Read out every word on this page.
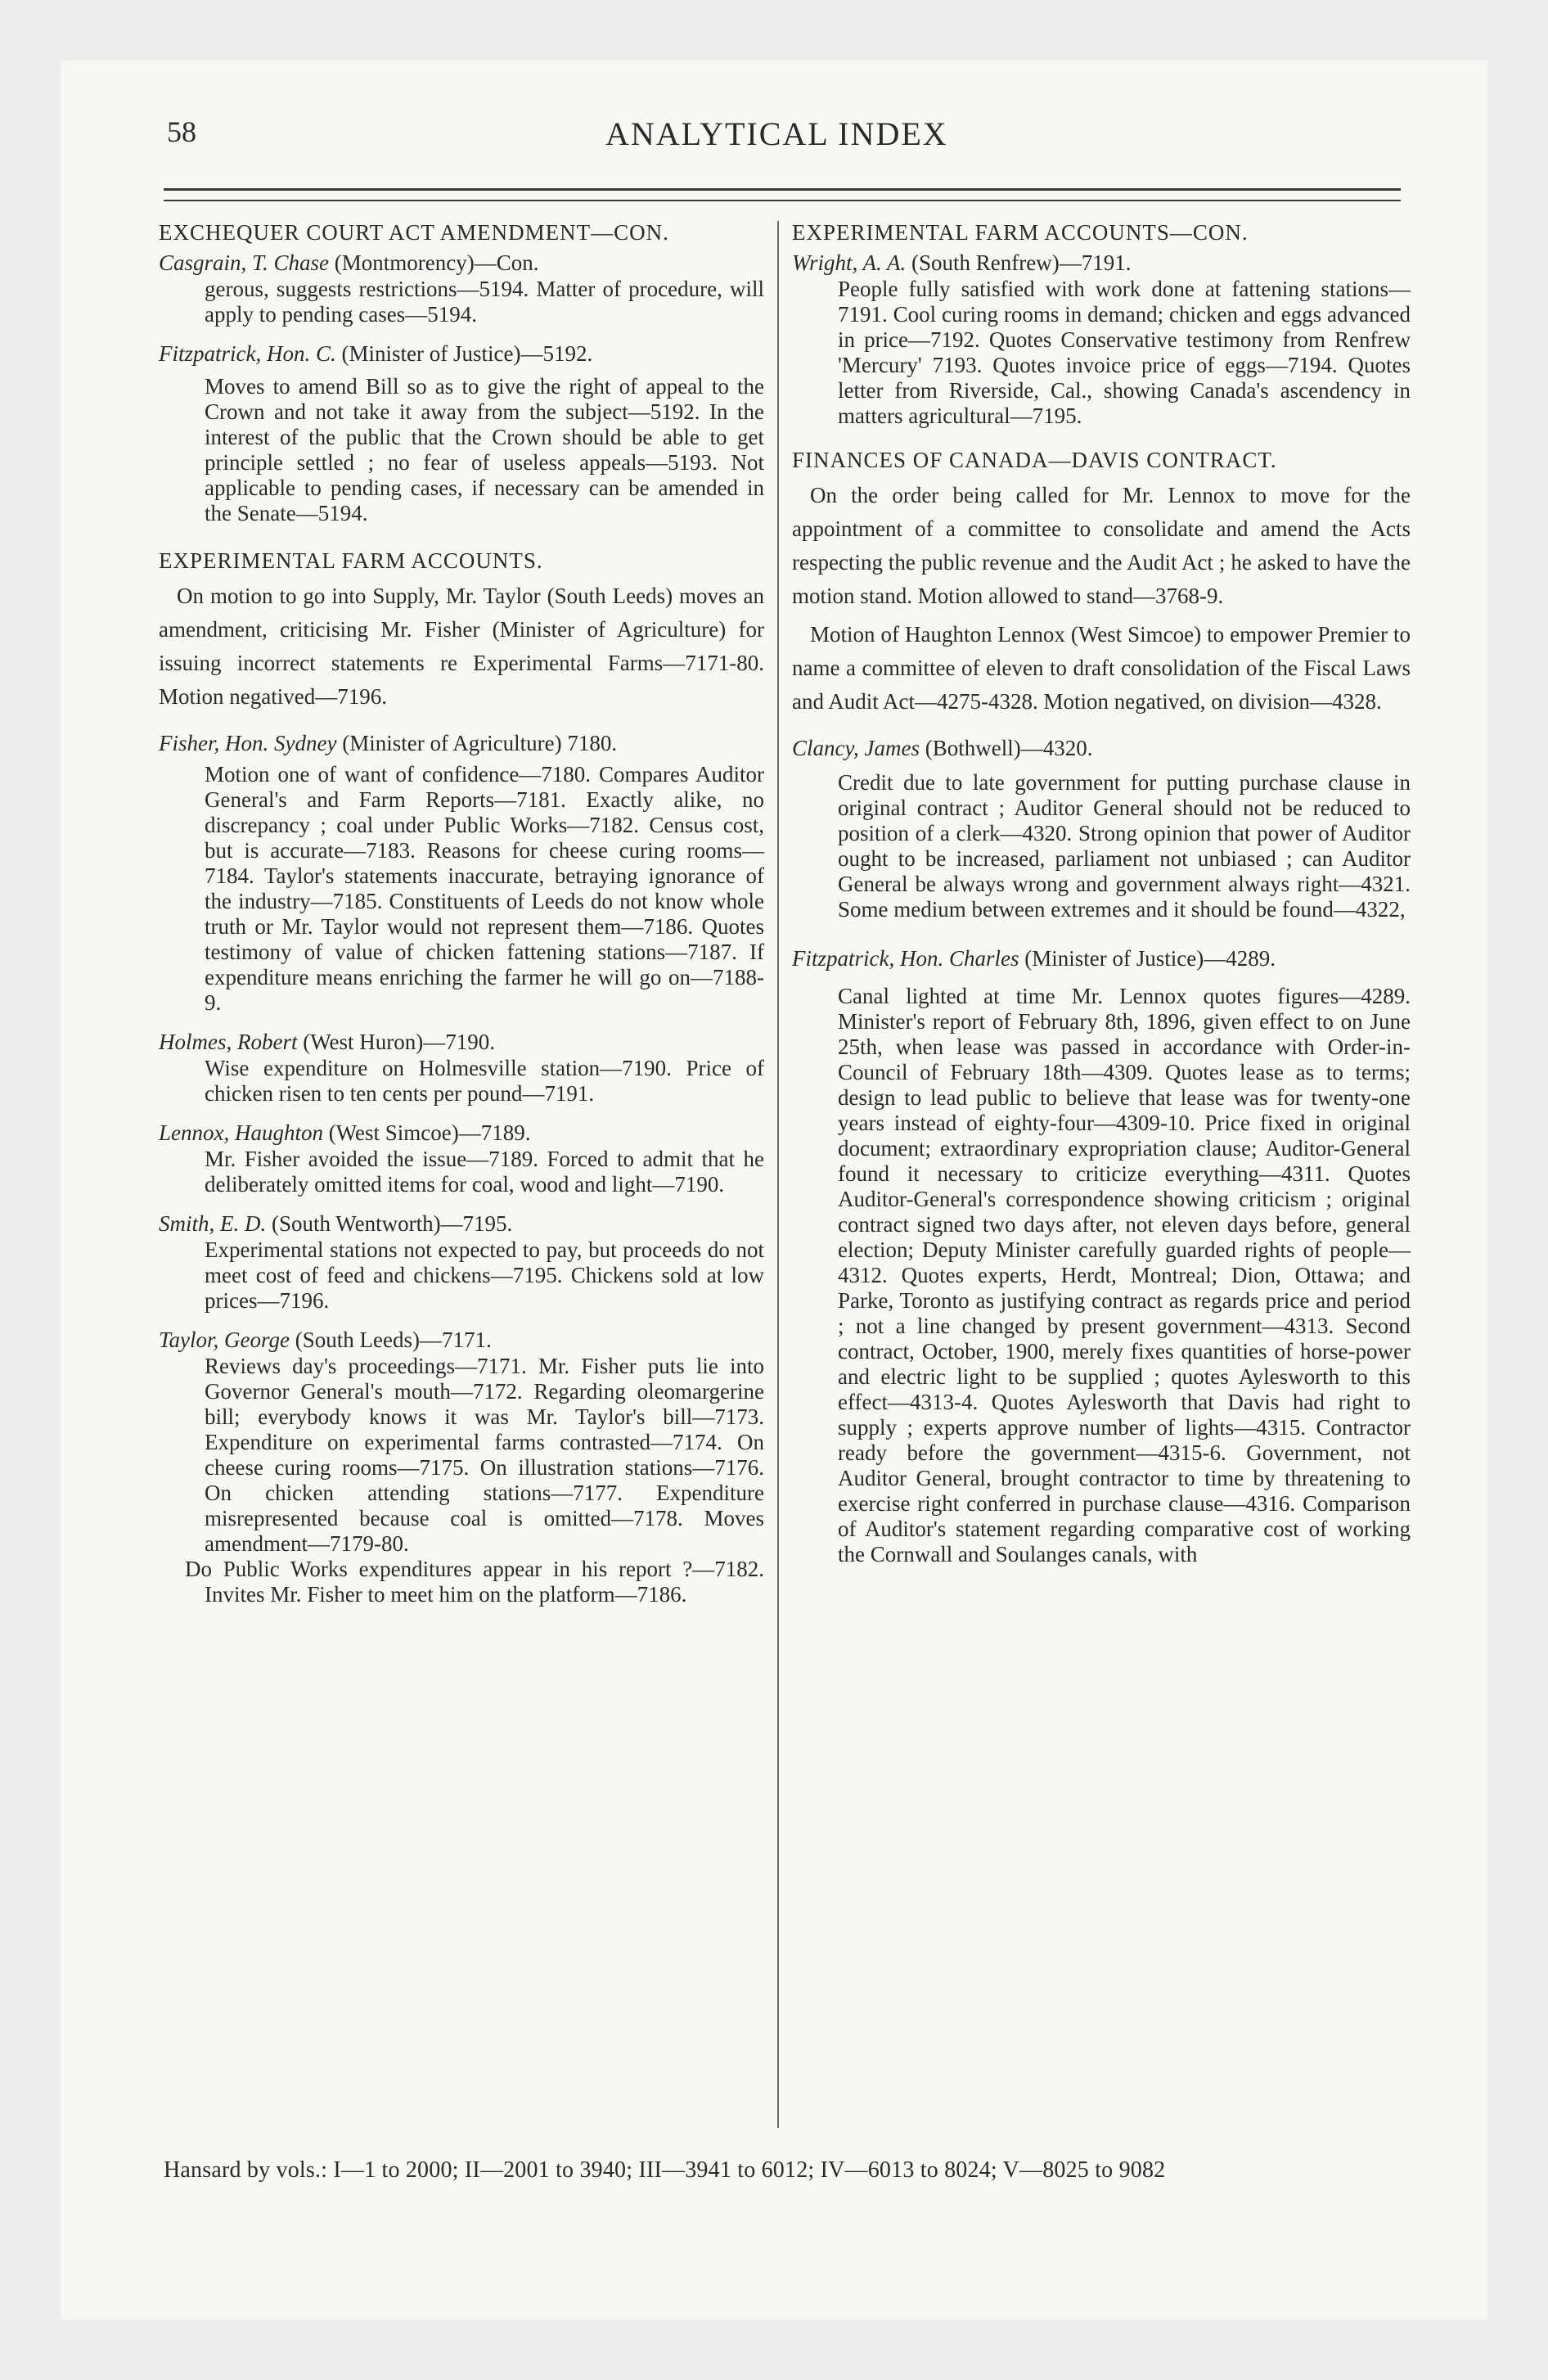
58	ANALYTICAL INDEX

EXCHEQUER COURT ACT AMENDMENT—CON.

Casgrain, T. Chase (Montmorency)—Con.

gerous, suggests restrictions—5194. Matter of procedure, will apply to pending cases—5194.

Fitzpatrick, Hon. C. (Minister of Justice)—5192.

Moves to amend Bill so as to give the right of appeal to the Crown and not take it away from the subject—5192. In the interest of the public that the Crown should be able to get principle settled ; no fear of useless appeals—5193. Not applicable to pending cases, if necessary can be amended in the Senate—5194.

EXPERIMENTAL FARM ACCOUNTS.

On motion to go into Supply, Mr. Taylor (South Leeds) moves an amendment, criticising Mr. Fisher (Minister of Agriculture) for issuing incorrect statements re Experimental Farms—7171-80. Motion negatived—7196.

Fisher, Hon. Sydney (Minister of Agriculture) 7180.

Motion one of want of confidence—7180. Compares Auditor General's and Farm Reports—7181. Exactly alike, no discrepancy ; coal under Public Works—7182. Census cost, but is accurate—7183. Reasons for cheese curing rooms—7184. Taylor's statements inaccurate, betraying ignorance of the industry—7185. Constituents of Leeds do not know whole truth or Mr. Taylor would not represent them—7186. Quotes testimony of value of chicken fattening stations—7187. If expenditure means enriching the farmer he will go on—7188-9.

Holmes, Robert (West Huron)—7190.

Wise expenditure on Holmesville station—7190. Price of chicken risen to ten cents per pound—7191.

Lennox, Haughton (West Simcoe)—7189.

Mr. Fisher avoided the issue—7189. Forced to admit that he deliberately omitted items for coal, wood and light—7190.

Smith, E. D. (South Wentworth)—7195.

Experimental stations not expected to pay, but proceeds do not meet cost of feed and chickens—7195. Chickens sold at low prices—7196.

Taylor, George (South Leeds)—7171.

Reviews day's proceedings—7171. Mr. Fisher puts lie into Governor General's mouth—7172. Regarding oleomargerine bill; everybody knows it was Mr. Taylor's bill—7173. Expenditure on experimental farms contrasted—7174. On cheese curing rooms—7175. On illustration stations—7176. On chicken attending stations—7177. Expenditure misrepresented because coal is omitted—7178. Moves amendment—7179-80.

Do Public Works expenditures appear in his report ?—7182. Invites Mr. Fisher to meet him on the platform—7186.

EXPERIMENTAL FARM ACCOUNTS—CON.

Wright, A. A. (South Renfrew)—7191.

People fully satisfied with work done at fattening stations—7191. Cool curing rooms in demand; chicken and eggs advanced in price—7192. Quotes Conservative testimony from Renfrew 'Mercury' 7193. Quotes invoice price of eggs—7194. Quotes letter from Riverside, Cal., showing Canada's ascendency in matters agricultural—7195.

FINANCES OF CANADA—DAVIS CONTRACT.

On the order being called for Mr. Lennox to move for the appointment of a committee to consolidate and amend the Acts respecting the public revenue and the Audit Act ; he asked to have the motion stand. Motion allowed to stand—3768-9.

Motion of Haughton Lennox (West Simcoe) to empower Premier to name a committee of eleven to draft consolidation of the Fiscal Laws and Audit Act—4275-4328. Motion negatived, on division—4328.

Clancy, James (Bothwell)—4320.

Credit due to late government for putting purchase clause in original contract ; Auditor General should not be reduced to position of a clerk—4320. Strong opinion that power of Auditor ought to be increased, parliament not unbiased ; can Auditor General be always wrong and government always right—4321. Some medium between extremes and it should be found—4322,

Fitzpatrick, Hon. Charles (Minister of Justice)—4289.

Canal lighted at time Mr. Lennox quotes figures—4289. Minister's report of February 8th, 1896, given effect to on June 25th, when lease was passed in accordance with Order-in-Council of February 18th—4309. Quotes lease as to terms; design to lead public to believe that lease was for twenty-one years instead of eighty-four—4309-10. Price fixed in original document; extraordinary expropriation clause; Auditor-General found it necessary to criticize everything—4311. Quotes Auditor-General's correspondence showing criticism ; original contract signed two days after, not eleven days before, general election; Deputy Minister carefully guarded rights of people—4312. Quotes experts, Herdt, Montreal; Dion, Ottawa; and Parke, Toronto as justifying contract as regards price and period ; not a line changed by present government—4313. Second contract, October, 1900, merely fixes quantities of horse-power and electric light to be supplied ; quotes Aylesworth to this effect—4313-4. Quotes Aylesworth that Davis had right to supply ; experts approve number of lights—4315. Contractor ready before the government—4315-6. Government, not Auditor General, brought contractor to time by threatening to exercise right conferred in purchase clause—4316. Comparison of Auditor's statement regarding comparative cost of working the Cornwall and Soulanges canals, with

Hansard by vols.: I—1 to 2000; II—2001 to 3940; III—3941 to 6012; IV—6013 to 8024; V—8025 to 9082
